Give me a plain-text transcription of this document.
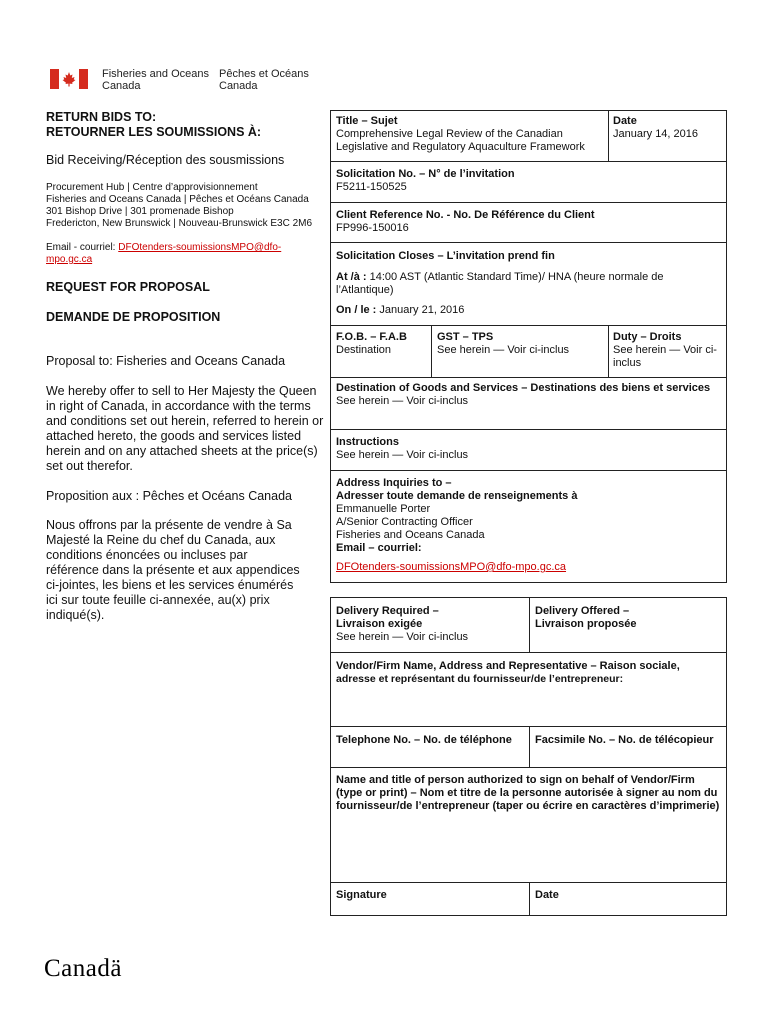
Fisheries and Oceans
Canada
Pêches et Océans
Canada
RETURN BIDS TO:
RETOURNER LES SOUMISSIONS À:
Bid Receiving/Réception des sousmissions
Procurement Hub | Centre d’approvisionnement
Fisheries and Oceans Canada | Pêches et Océans Canada
301 Bishop Drive | 301 promenade Bishop
Fredericton, New Brunswick | Nouveau-Brunswick E3C 2M6
Email - courriel: DFOtenders-soumissionsMPO@dfo-
mpo.gc.ca
REQUEST FOR PROPOSAL
DEMANDE DE PROPOSITION
Proposal to: Fisheries and Oceans Canada
We hereby offer to sell to Her Majesty the Queen in right of Canada, in accordance with the terms and conditions set out herein, referred to herein or attached hereto, the goods and services listed herein and on any attached sheets at the price(s) set out therefor.
Proposition aux : Pêches et Océans Canada
Nous offrons par la présente de vendre à Sa Majesté la Reine du chef du Canada, aux conditions énoncées ou incluses par référence dans la présente et aux appendices ci-jointes, les biens et les services énumérés ici sur toute feuille ci-annexée, au(x) prix indiqué(s).
Title – Sujet
Comprehensive Legal Review of the Canadian Legislative and Regulatory Aquaculture Framework
Date
January 14, 2016
Solicitation No. – N° de l’invitation
F5211-150525
Client Reference No. - No. De Référence du Client
FP996-150016
Solicitation Closes – L’invitation prend fin
At /à : 14:00 AST (Atlantic Standard Time)/ HNA (heure normale de l’Atlantique)
On / le : January 21, 2016
F.O.B. – F.A.B
Destination
GST – TPS
See herein — Voir ci-inclus
Duty – Droits
See herein — Voir ci-inclus
Destination of Goods and Services – Destinations des biens et services
See herein — Voir ci-inclus
Instructions
See herein — Voir ci-inclus
Address Inquiries to –
Adresser toute demande de renseignements à
Emmanuelle Porter
A/Senior Contracting Officer
Fisheries and Oceans Canada
Email – courriel:
DFOtenders-soumissionsMPO@dfo-mpo.gc.ca
Delivery Required –
Livraison exigée
See herein — Voir ci-inclus
Delivery Offered –
Livraison proposée
Vendor/Firm Name, Address and Representative – Raison sociale,
adresse et représentant du fournisseur/de l’entrepreneur:
Telephone No. – No. de téléphone	Facsimile No. – No. de télécopieur
Name and title of person authorized to sign on behalf of Vendor/Firm (type or print) – Nom et titre de la personne autorisée à signer au nom du fournisseur/de l’entrepreneur (taper ou écrire en caractères d’imprimerie)
Signature	Date
Canadä
